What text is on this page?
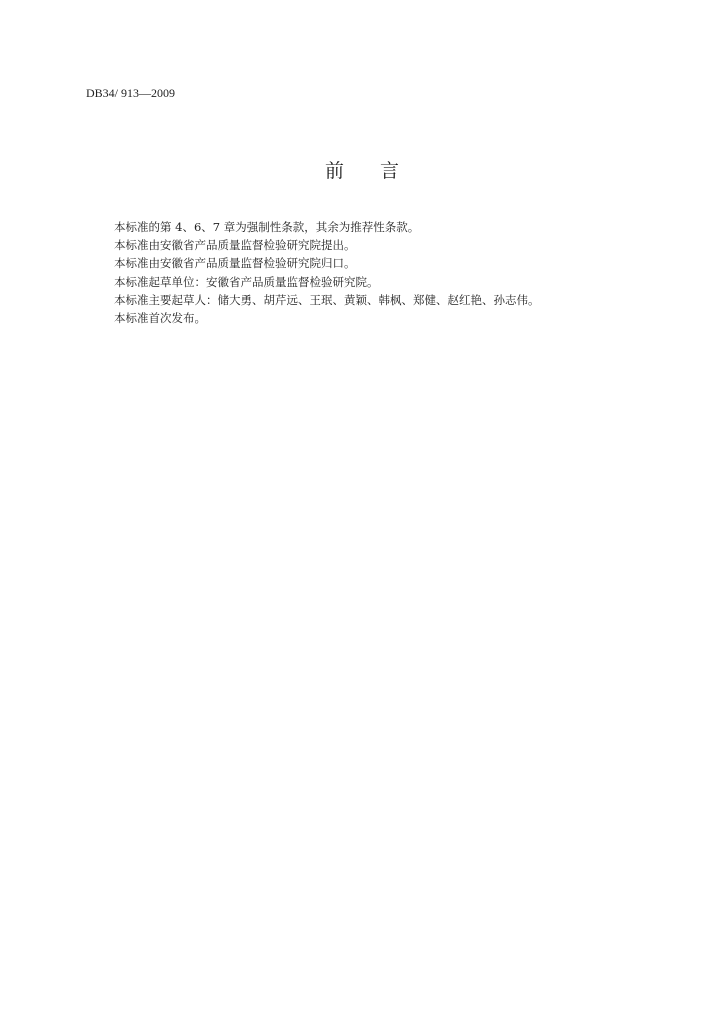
DB34/ 913—2009
前 言

本标准的第 4、6、7 章为强制性条款，其余为推荐性条款。

本标准由安徽省产品质量监督检验研究院提出。

本标准由安徽省产品质量监督检验研究院归口。

本标准起草单位：安徽省产品质量监督检验研究院。

本标准主要起草人：储大勇、胡芹远、王珉、黄颖、韩枫、郑健、赵红艳、孙志伟。

本标准首次发布。
